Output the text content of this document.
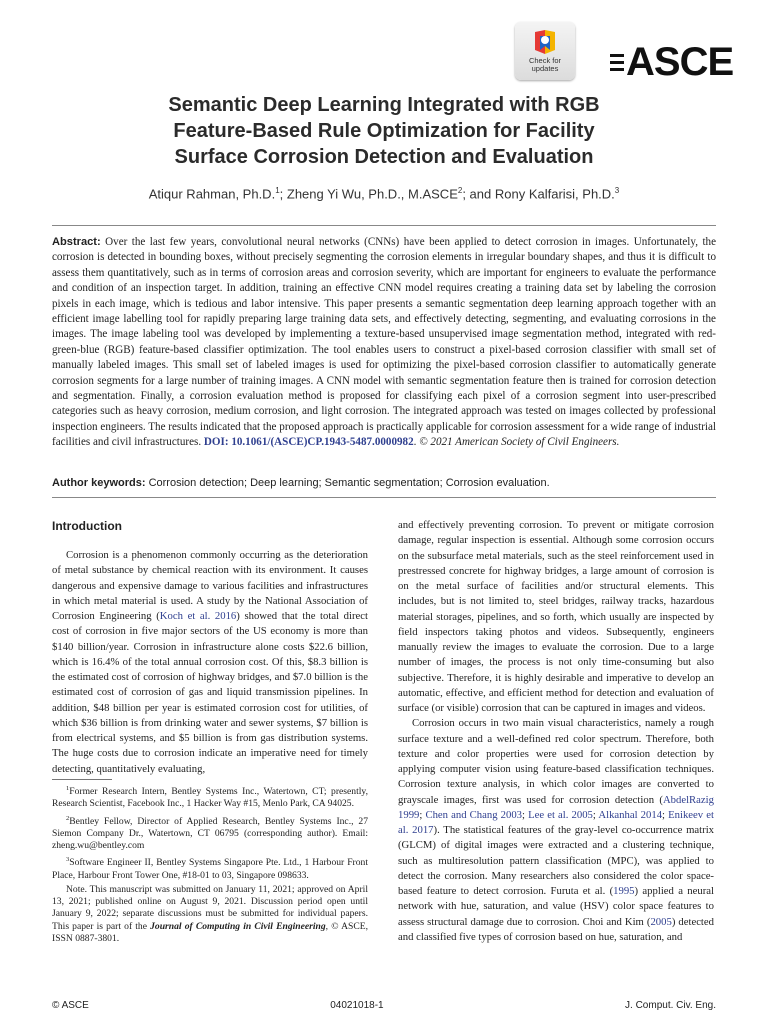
Check for
updates	ASCE
Semantic Deep Learning Integrated with RGB
Feature-Based Rule Optimization for Facility
Surface Corrosion Detection and Evaluation
Atiqur Rahman, Ph.D.$^1$; Zheng Yi Wu, Ph.D., M.ASCE$^2$; and Rony Kalfarisi, Ph.D.$^3$
Abstract: Over the last few years, convolutional neural networks (CNNs) have been applied to detect corrosion in images. Unfortunately, the corrosion is detected in bounding boxes, without precisely segmenting the corrosion elements in irregular boundary shapes, and thus it is difficult to assess them quantitatively, such as in terms of corrosion areas and corrosion severity, which are important for engineers to evaluate the performance and condition of an inspection target. In addition, training an effective CNN model requires creating a training data set by labeling the corrosion pixels in each image, which is tedious and labor intensive. This paper presents a semantic segmentation deep learning approach together with an efficient image labelling tool for rapidly preparing large training data sets, and effectively detecting, segmenting, and evaluating corrosions in the images. The image labeling tool was developed by implementing a texture-based unsupervised image segmentation method, integrated with red-green-blue (RGB) feature-based classifier optimization. The tool enables users to construct a pixel-based corrosion classifier with small set of manually labeled images. This small set of labeled images is used for optimizing the pixel-based corrosion classifier to automatically generate corrosion segments for a large number of training images. A CNN model with semantic segmentation feature then is trained for corrosion detection and segmentation. Finally, a corrosion evaluation method is proposed for classifying each pixel of a corrosion segment into user-prescribed categories such as heavy corrosion, medium corrosion, and light corrosion. The integrated approach was tested on images collected by professional inspection engineers. The results indicated that the proposed approach is practically applicable for corrosion assessment for a wide range of industrial facilities and civil infrastructures. DOI: 10.1061/(ASCE)CP.1943-5487.0000982. © 2021 American Society of Civil Engineers.
Author keywords: Corrosion detection; Deep learning; Semantic segmentation; Corrosion evaluation.
Introduction

Corrosion is a phenomenon commonly occurring as the deterioration of metal substance by chemical reaction with its environment. It causes dangerous and expensive damage to various facilities and infrastructures in which metal material is used. A study by the National Association of Corrosion Engineering (Koch et al. 2016) showed that the total direct cost of corrosion in five major sectors of the US economy is more than $140 billion/year. Corrosion in infrastructure alone costs $22.6 billion, which is 16.4% of the total annual corrosion cost. Of this, $8.3 billion is the estimated cost of corrosion of highway bridges, and $7.0 billion is the estimated cost of corrosion of gas and liquid transmission pipelines. In addition, $48 billion per year is estimated corrosion cost for utilities, of which $36 billion is from drinking water and sewer systems, $7 billion is from electrical systems, and $5 billion is from gas distribution systems. The huge costs due to corrosion indicate an imperative need for timely detecting, quantitatively evaluating,

$^1$Former Research Intern, Bentley Systems Inc., Watertown, CT; presently, Research Scientist, Facebook Inc., 1 Hacker Way #15, Menlo Park, CA 94025.

$^2$Bentley Fellow, Director of Applied Research, Bentley Systems Inc., 27 Siemon Company Dr., Watertown, CT 06795 (corresponding author). Email: zheng.wu@bentley.com

$^3$Software Engineer II, Bentley Systems Singapore Pte. Ltd., 1 Harbour Front Place, Harbour Front Tower One, #18-01 to 03, Singapore 098633.

Note. This manuscript was submitted on January 11, 2021; approved on April 13, 2021; published online on August 9, 2021. Discussion period open until January 9, 2022; separate discussions must be submitted for individual papers. This paper is part of the Journal of Computing in Civil Engineering, © ASCE, ISSN 0887-3801.

and effectively preventing corrosion. To prevent or mitigate corrosion damage, regular inspection is essential. Although some corrosion occurs on the subsurface metal materials, such as the steel reinforcement used in prestressed concrete for highway bridges, a large amount of corrosion is on the metal surface of facilities and/or structural elements. This includes, but is not limited to, steel bridges, railway tracks, hazardous material storages, pipelines, and so forth, which usually are inspected by field inspectors taking photos and videos. Subsequently, engineers manually review the images to evaluate the corrosion. Due to a large number of images, the process is not only time-consuming but also subjective. Therefore, it is highly desirable and imperative to develop an automatic, effective, and efficient method for detection and evaluation of surface (or visible) corrosion that can be captured in images and videos.

Corrosion occurs in two main visual characteristics, namely a rough surface texture and a well-defined red color spectrum. Therefore, both texture and color properties were used for corrosion detection by applying computer vision using feature-based classification techniques. Corrosion texture analysis, in which color images are converted to grayscale images, first was used for corrosion detection (AbdelRazig 1999; Chen and Chang 2003; Lee et al. 2005; Alkanhal 2014; Enikeev et al. 2017). The statistical features of the gray-level co-occurrence matrix (GLCM) of digital images were extracted and a clustering technique, such as multiresolution pattern classification (MPC), was applied to detect the corrosion. Many researchers also considered the color space-based feature to detect corrosion. Furuta et al. (1995) applied a neural network with hue, saturation, and value (HSV) color space features to assess structural damage due to corrosion. Choi and Kim (2005) detected and classified five types of corrosion based on hue, saturation, and

© ASCE	04021018-1	J. Comput. Civ. Eng.
